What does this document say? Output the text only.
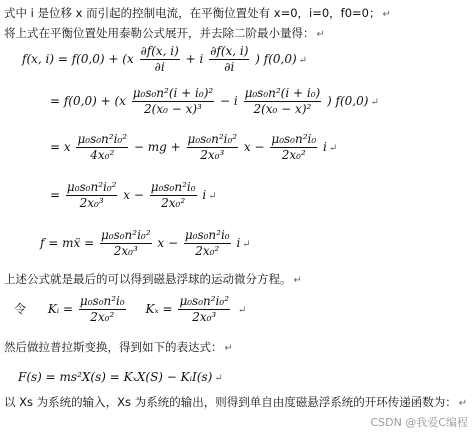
式中 i 是位移 x 而引起的控制电流，在平衡位置处有 x=0，i=0，f0=0； ↵
将上式在平衡位置处用泰勒公式展开，并去除二阶最小量得： ↵
f(x, $i) = f(0,0) + (x \frac{\partial f(x, i)}{\partial i} + i \frac{\partial f(x, i)}{\partial i}$ ) f(0,0) ↵
= $f(0,0) + (x \frac{\text{μ₀s₀n²(i + i₀)²}}{\text{2(x₀ − x)³}} - i \frac{\text{μ₀s₀n²(i + i₀)}}{\text{2(x₀ − x)²}}$ ) f(0,0) ↵
= x $\frac{\text{μ₀s₀n²i₀²}}{\text{4x₀²}}$ − mg + $\frac{\text{μ₀s₀n²i₀²}}{\text{2x₀³}}$ $x - \frac{\text{μ₀s₀n²i₀}}{\text{2x₀²}}$ i ↵
= $\frac{\text{μ₀s₀n²i₀²}}{\text{2x₀³}}$ $x - \frac{\text{μ₀s₀n²i₀}}{\text{2x₀²}}$ i ↵
f = mẍ = $\frac{\text{μ₀s₀n²i₀²}}{\text{2x₀³}}$ $x - \frac{\text{μ₀s₀n²i₀}}{\text{2x₀²}}$ i ↵
上述公式就是最后的可以得到磁悬浮球的运动微分方程。 ↵
令 Kᵢ = $\frac{\text{μ₀s₀n²i₀}}{\text{2x₀²}}$ $K_x = \frac{\text{μ₀s₀n²i₀²}}{\text{2x₀³}}$ ↵
然后做拉普拉斯变换，得到如下的表达式： ↵
F(s) = ms²X(s) = KₓX(S) − KᵢI(s) ↵
以 Xs 为系统的输入，Xs 为系统的输出，则得到单自由度磁悬浮系统的开环传递函数为： ↵
CSDN @我爱C编程
